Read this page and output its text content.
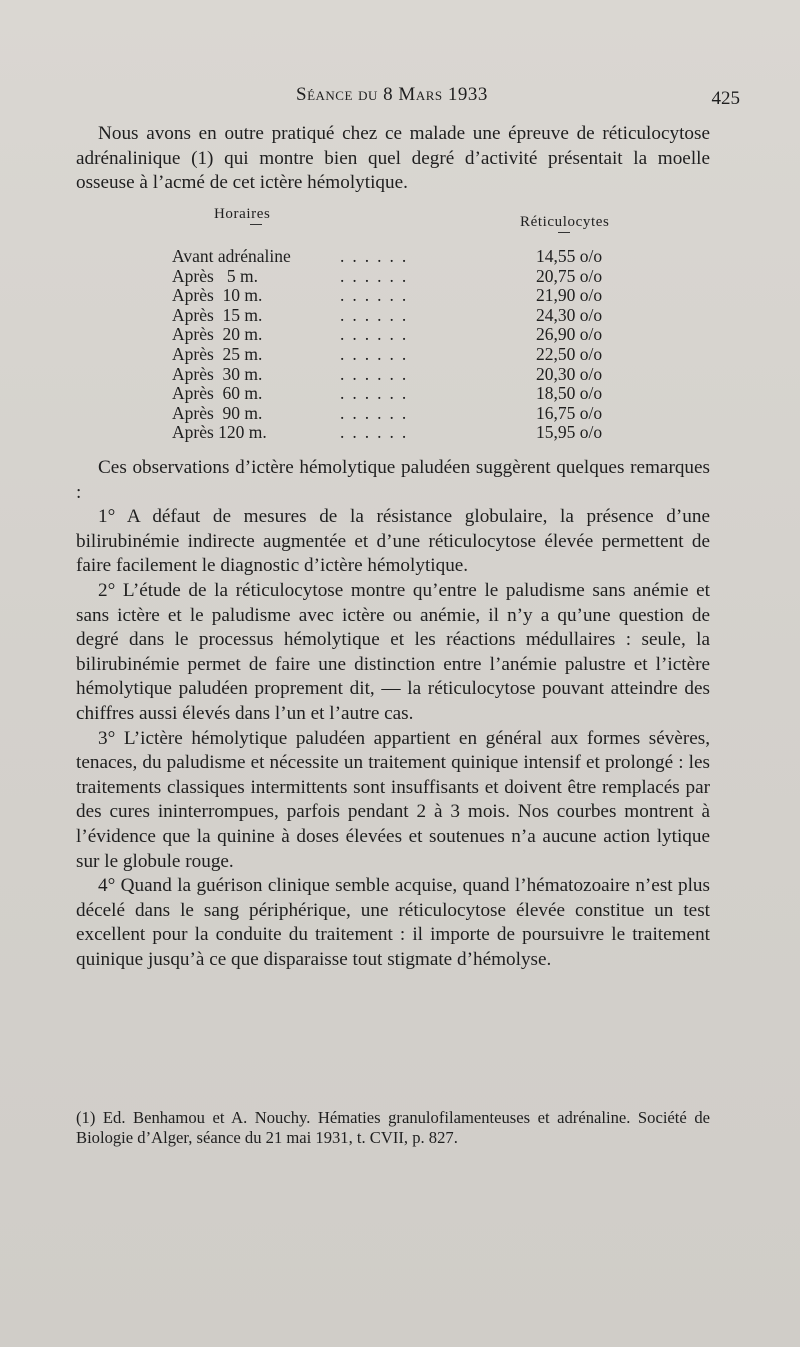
Séance du 8 Mars 1933	425

Nous avons en outre pratiqué chez ce malade une épreuve de réticulocytose adrénalinique (1) qui montre bien quel degré d’activité présentait la moelle osseuse à l’acmé de cet ictère hémolytique.

Horaires	Réticulocytes
Avant adrénaline	......	14,55 o/o
Après   5 m.	......	20,75 o/o
Après  10 m.	......	21,90 o/o
Après  15 m.	......	24,30 o/o
Après  20 m.	......	26,90 o/o
Après  25 m.	......	22,50 o/o
Après  30 m.	......	20,30 o/o
Après  60 m.	......	18,50 o/o
Après  90 m.	......	16,75 o/o
Après 120 m.	......	15,95 o/o

Ces observations d’ictère hémolytique paludéen suggèrent quelques remarques :

1° A défaut de mesures de la résistance globulaire, la présence d’une bilirubinémie indirecte augmentée et d’une réticulocytose élevée permettent de faire facilement le diagnostic d’ictère hémolytique.

2° L’étude de la réticulocytose montre qu’entre le paludisme sans anémie et sans ictère et le paludisme avec ictère ou anémie, il n’y a qu’une question de degré dans le processus hémolytique et les réactions médullaires : seule, la bilirubinémie permet de faire une distinction entre l’anémie palustre et l’ictère hémolytique paludéen proprement dit, — la réticulocytose pouvant atteindre des chiffres aussi élevés dans l’un et l’autre cas.

3° L’ictère hémolytique paludéen appartient en général aux formes sévères, tenaces, du paludisme et nécessite un traitement quinique intensif et prolongé : les traitements classiques intermittents sont insuffisants et doivent être remplacés par des cures ininterrompues, parfois pendant 2 à 3 mois. Nos courbes montrent à l’évidence que la quinine à doses élevées et soutenues n’a aucune action lytique sur le globule rouge.

4° Quand la guérison clinique semble acquise, quand l’hématozoaire n’est plus décelé dans le sang périphérique, une réticulocytose élevée constitue un test excellent pour la conduite du traitement : il importe de poursuivre le traitement quinique jusqu’à ce que disparaisse tout stigmate d’hémolyse.

(1) Ed. Benhamou et A. Nouchy. Hématies granulofilamenteuses et adrénaline. Société de Biologie d’Alger, séance du 21 mai 1931, t. CVII, p. 827.
